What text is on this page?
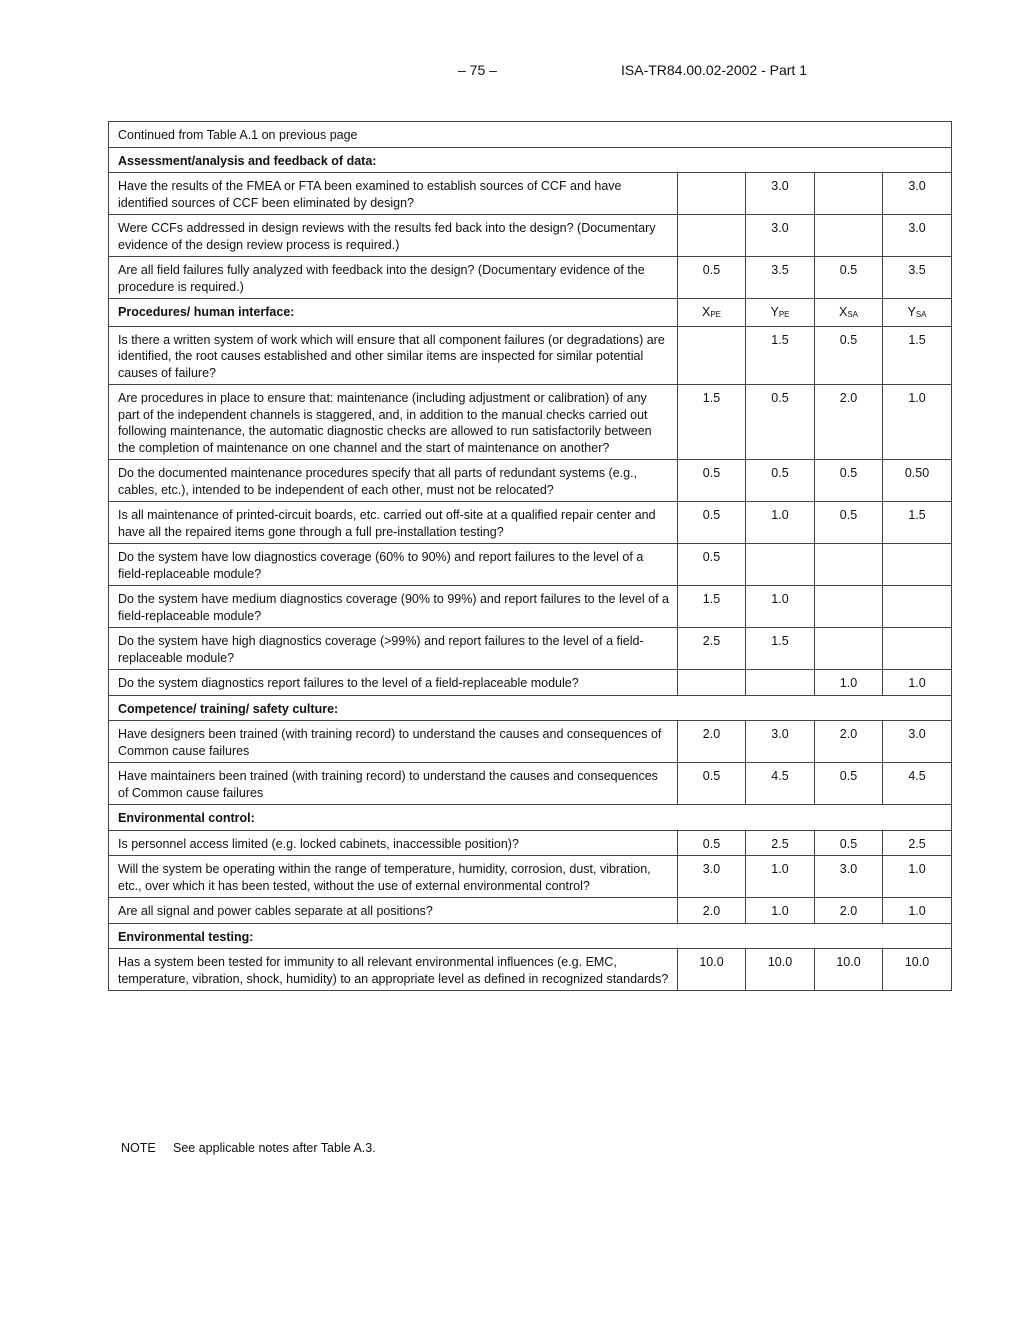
– 75 –	ISA-TR84.00.02-2002 - Part 1
Continued from Table A.1 on previous page				
Assessment/analysis and feedback of data:				
Have the results of the FMEA or FTA been examined to establish sources of CCF and have identified sources of CCF been eliminated by design?		3.0		3.0
Were CCFs addressed in design reviews with the results fed back into the design? (Documentary evidence of the design review process is required.)		3.0		3.0
Are all field failures fully analyzed with feedback into the design? (Documentary evidence of the procedure is required.)	0.5	3.5	0.5	3.5
Procedures/ human interface:	$X_{PE}$	$Y_{PE}$	$X_{SA}$	$Y_{SA}$
Is there a written system of work which will ensure that all component failures (or degradations) are identified, the root causes established and other similar items are inspected for similar potential causes of failure?		1.5	0.5	1.5
Are procedures in place to ensure that: maintenance (including adjustment or calibration) of any part of the independent channels is staggered, and, in addition to the manual checks carried out following maintenance, the automatic diagnostic checks are allowed to run satisfactorily between the completion of maintenance on one channel and the start of maintenance on another?	1.5	0.5	2.0	1.0
Do the documented maintenance procedures specify that all parts of redundant systems (e.g., cables, etc.), intended to be independent of each other, must not be relocated?	0.5	0.5	0.5	0.50
Is all maintenance of printed-circuit boards, etc. carried out off-site at a qualified repair center and have all the repaired items gone through a full pre-installation testing?	0.5	1.0	0.5	1.5
Do the system have low diagnostics coverage (60% to 90%) and report failures to the level of a field-replaceable module?	0.5			
Do the system have medium diagnostics coverage (90% to 99%) and report failures to the level of a field-replaceable module?	1.5	1.0		
Do the system have high diagnostics coverage (>99%) and report failures to the level of a field-replaceable module?	2.5	1.5		
Do the system diagnostics report failures to the level of a field-replaceable module?			1.0	1.0
Competence/ training/ safety culture:				
Have designers been trained (with training record) to understand the causes and consequences of Common cause failures	2.0	3.0	2.0	3.0
Have maintainers been trained (with training record) to understand the causes and consequences of Common cause failures	0.5	4.5	0.5	4.5
Environmental control:				
Is personnel access limited (e.g. locked cabinets, inaccessible position)?	0.5	2.5	0.5	2.5
Will the system be operating within the range of temperature, humidity, corrosion, dust, vibration, etc., over which it has been tested, without the use of external environmental control?	3.0	1.0	3.0	1.0
Are all signal and power cables separate at all positions?	2.0	1.0	2.0	1.0
Environmental testing:				
Has a system been tested for immunity to all relevant environmental influences (e.g. EMC, temperature, vibration, shock, humidity) to an appropriate level as defined in recognized standards?	10.0	10.0	10.0	10.0
NOTE See applicable notes after Table A.3.
